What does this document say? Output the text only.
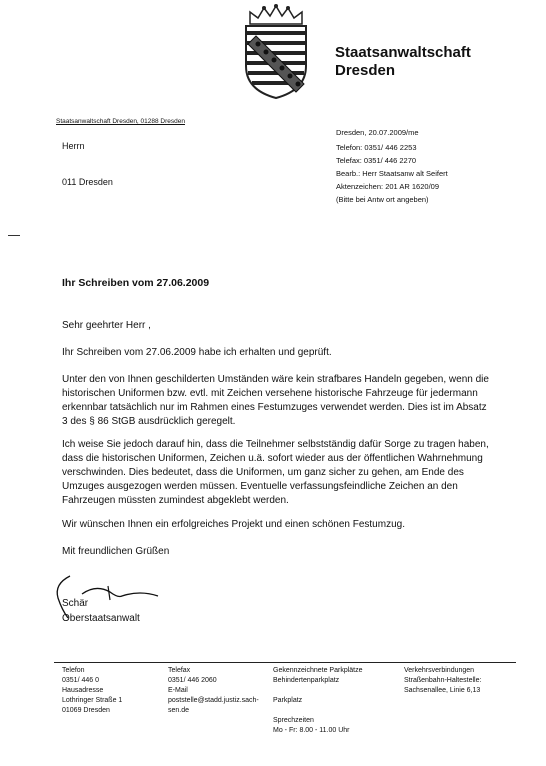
Staatsanwaltschaft
Dresden
Staatsanwaltschaft Dresden, 01288 Dresden
Herrn
011 Dresden
Dresden, 20.07.2009/me
Telefon: 0351/ 446 2253
Telefax: 0351/ 446 2270
Bearb.: Herr Staatsanw alt Seifert
Aktenzeichen: 201 AR 1620/09
(Bitte bei Antw ort angeben)
Ihr Schreiben vom 27.06.2009
Sehr geehrter Herr ,
Ihr Schreiben vom 27.06.2009 habe ich erhalten und geprüft.
Unter den von Ihnen geschilderten Umständen wäre kein strafbares Handeln gegeben, wenn die historischen Uniformen bzw. evtl. mit Zeichen versehene historische Fahrzeuge für jedermann erkennbar tatsächlich nur im Rahmen eines Festumzuges verwendet werden. Dies ist im Absatz 3 des § 86 StGB ausdrücklich geregelt.
Ich weise Sie jedoch darauf hin, dass die Teilnehmer selbstständig dafür Sorge zu tragen haben, dass die historischen Uniformen, Zeichen u.ä. sofort wieder aus der öffentlichen Wahrnehmung verschwinden. Dies bedeutet, dass die Uniformen, um ganz sicher zu gehen, am Ende des Umzuges ausgezogen werden müssen. Eventuelle verfassungsfeindliche Zeichen an den Fahrzeugen müssten zumindest abgeklebt werden.
Wir wünschen Ihnen ein erfolgreiches Projekt und einen schönen Festumzug.
Mit freundlichen Grüßen
Schär
Oberstaatsanwalt
Telefon
0351/ 446 0
Hausadresse
Lothringer Straße 1
01069 Dresden
Telefax
0351/ 446 2060
E-Mail
poststelle@stadd.justiz.sach-
sen.de
Gekennzeichnete Parkplätze
Behindertenparkplatz

Parkplatz

Sprechzeiten
Mo - Fr: 8.00 - 11.00 Uhr
Verkehrsverbindungen
Straßenbahn-Haltestelle:
Sachsenallee, Linie 6,13
